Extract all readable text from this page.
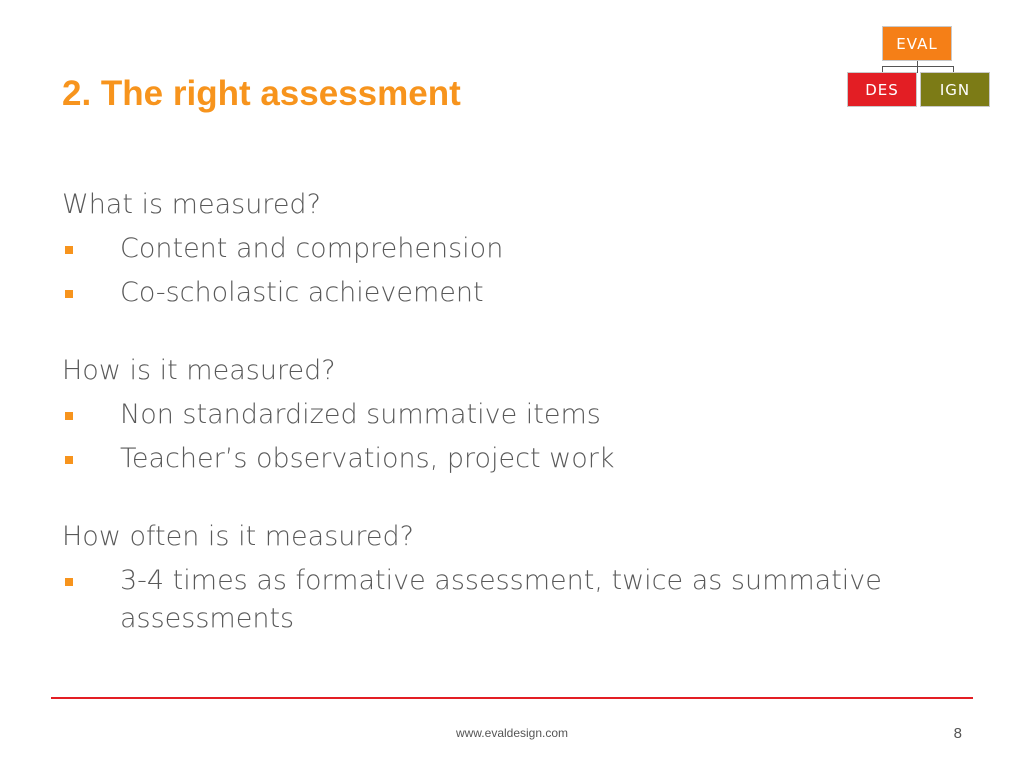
2. The right assessment
EVAL
DES	IGN
What is measured?
Content and comprehension
Co-scholastic achievement
How is it measured?
Non standardized summative items
Teacher’s observations, project work
How often is it measured?
3-4 times as formative assessment, twice as summative assessments
www.evaldesign.com	8
